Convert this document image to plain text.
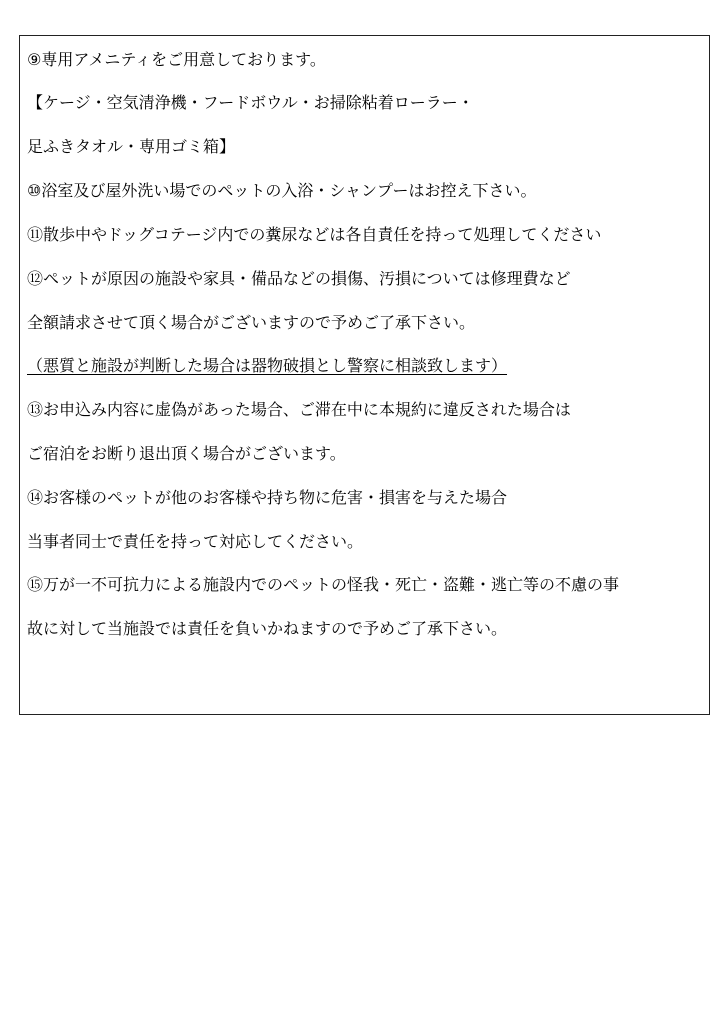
⑨専用アメニティをご用意しております。

【ケージ・空気清浄機・フードボウル・お掃除粘着ローラー・

足ふきタオル・専用ゴミ箱】

⑩浴室及び屋外洗い場でのペットの入浴・シャンプーはお控え下さい。

⑪散歩中やドッグコテージ内での糞尿などは各自責任を持って処理してください

⑫ペットが原因の施設や家具・備品などの損傷、汚損については修理費など

全額請求させて頂く場合がございますので予めご了承下さい。

（悪質と施設が判断した場合は器物破損とし警察に相談致します）

⑬お申込み内容に虚偽があった場合、ご滞在中に本規約に違反された場合は

ご宿泊をお断り退出頂く場合がございます。

⑭お客様のペットが他のお客様や持ち物に危害・損害を与えた場合

当事者同士で責任を持って対応してください。

⑮万が一不可抗力による施設内でのペットの怪我・死亡・盗難・逃亡等の不慮の事

故に対して当施設では責任を負いかねますので予めご了承下さい。
